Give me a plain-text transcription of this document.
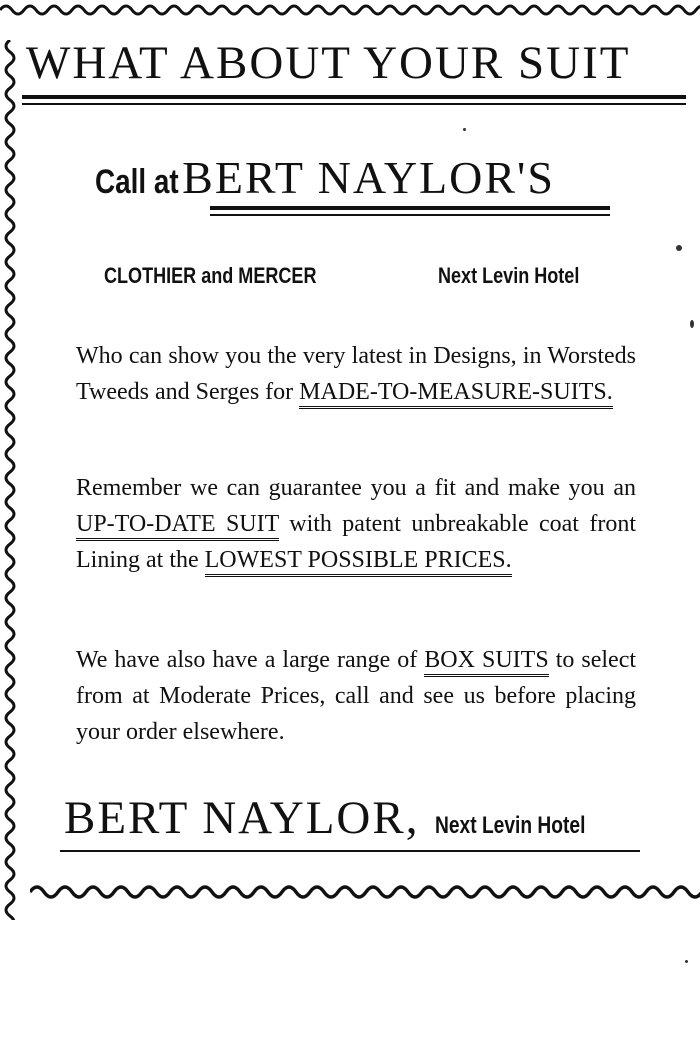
WHAT ABOUT YOUR SUIT
Call at BERT NAYLOR'S
CLOTHIER and MERCER	Next Levin Hotel
Who can show you the very latest in Designs, in Worsteds Tweeds and Serges for MADE-TO-MEASURE-SUITS.
Remember we can guarantee you a fit and make you an UP-TO-DATE SUIT with patent unbreakable coat front Lining at the LOWEST POSSIBLE PRICES.
We have also have a large range of BOX SUITS to select from at Moderate Prices, call and see us before placing your order elsewhere.
BERT NAYLOR, Next Levin Hotel
